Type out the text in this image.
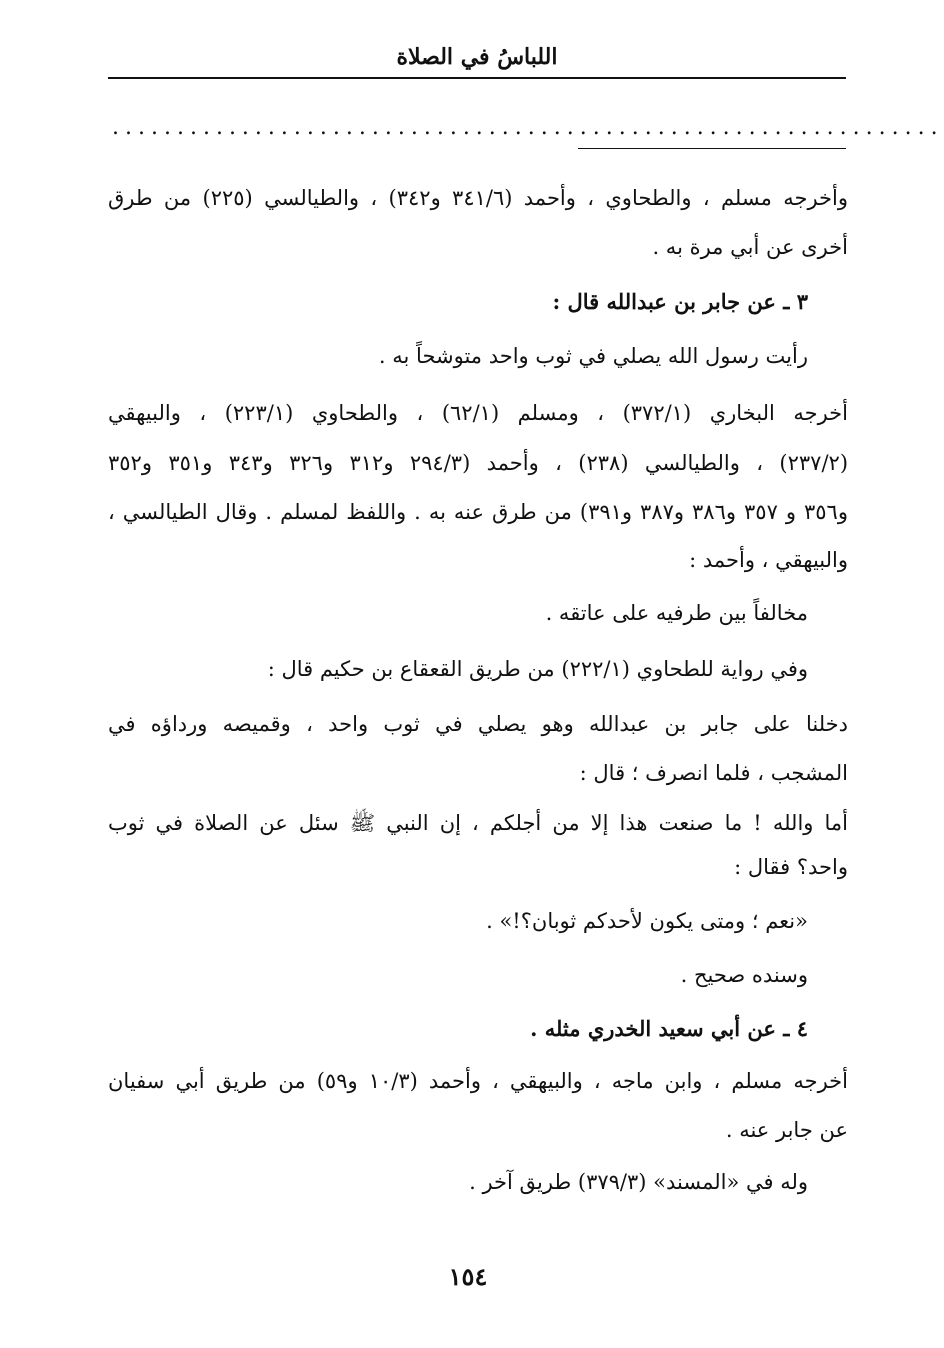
اللباسُ في الصلاة
................................................................
وأخرجه مسلم ، والطحاوي ، وأحمد (٣٤١/٦ و٣٤٢) ، والطيالسي (٢٢٥) من طرق
أخرى عن أبي مرة به .
٣ ـ عن جابر بن عبدالله قال :
رأيت رسول الله يصلي في ثوب واحد متوشحاً به .
أخرجه البخاري (٣٧٢/١) ، ومسلم (٦٢/١) ، والطحاوي (٢٢٣/١) ، والبيهقي
(٢٣٧/٢) ، والطيالسي (٢٣٨) ، وأحمد (٢٩٤/٣ و٣١٢ و٣٢٦ و٣٤٣ و٣٥١ و٣٥٢
و٣٥٦ و ٣٥٧ و٣٨٦ و٣٨٧ و٣٩١) من طرق عنه به . واللفظ لمسلم . وقال الطيالسي ،
والبيهقي ، وأحمد :
مخالفاً بين طرفيه على عاتقه .
وفي رواية للطحاوي (٢٢٢/١) من طريق القعقاع بن حكيم قال :
دخلنا على جابر بن عبدالله وهو يصلي في ثوب واحد ، وقميصه ورداؤه في
المشجب ، فلما انصرف ؛ قال :
أما والله ! ما صنعت هذا إلا من أجلكم ، إن النبي ﷺ سئل عن الصلاة في ثوب
واحد؟ فقال :
«نعم ؛ ومتى يكون لأحدكم ثوبان؟!» .
وسنده صحيح .
٤ ـ عن أبي سعيد الخدري مثله .
أخرجه مسلم ، وابن ماجه ، والبيهقي ، وأحمد (١٠/٣ و٥٩) من طريق أبي سفيان
عن جابر عنه .
وله في «المسند» (٣٧٩/٣) طريق آخر .
١٥٤
